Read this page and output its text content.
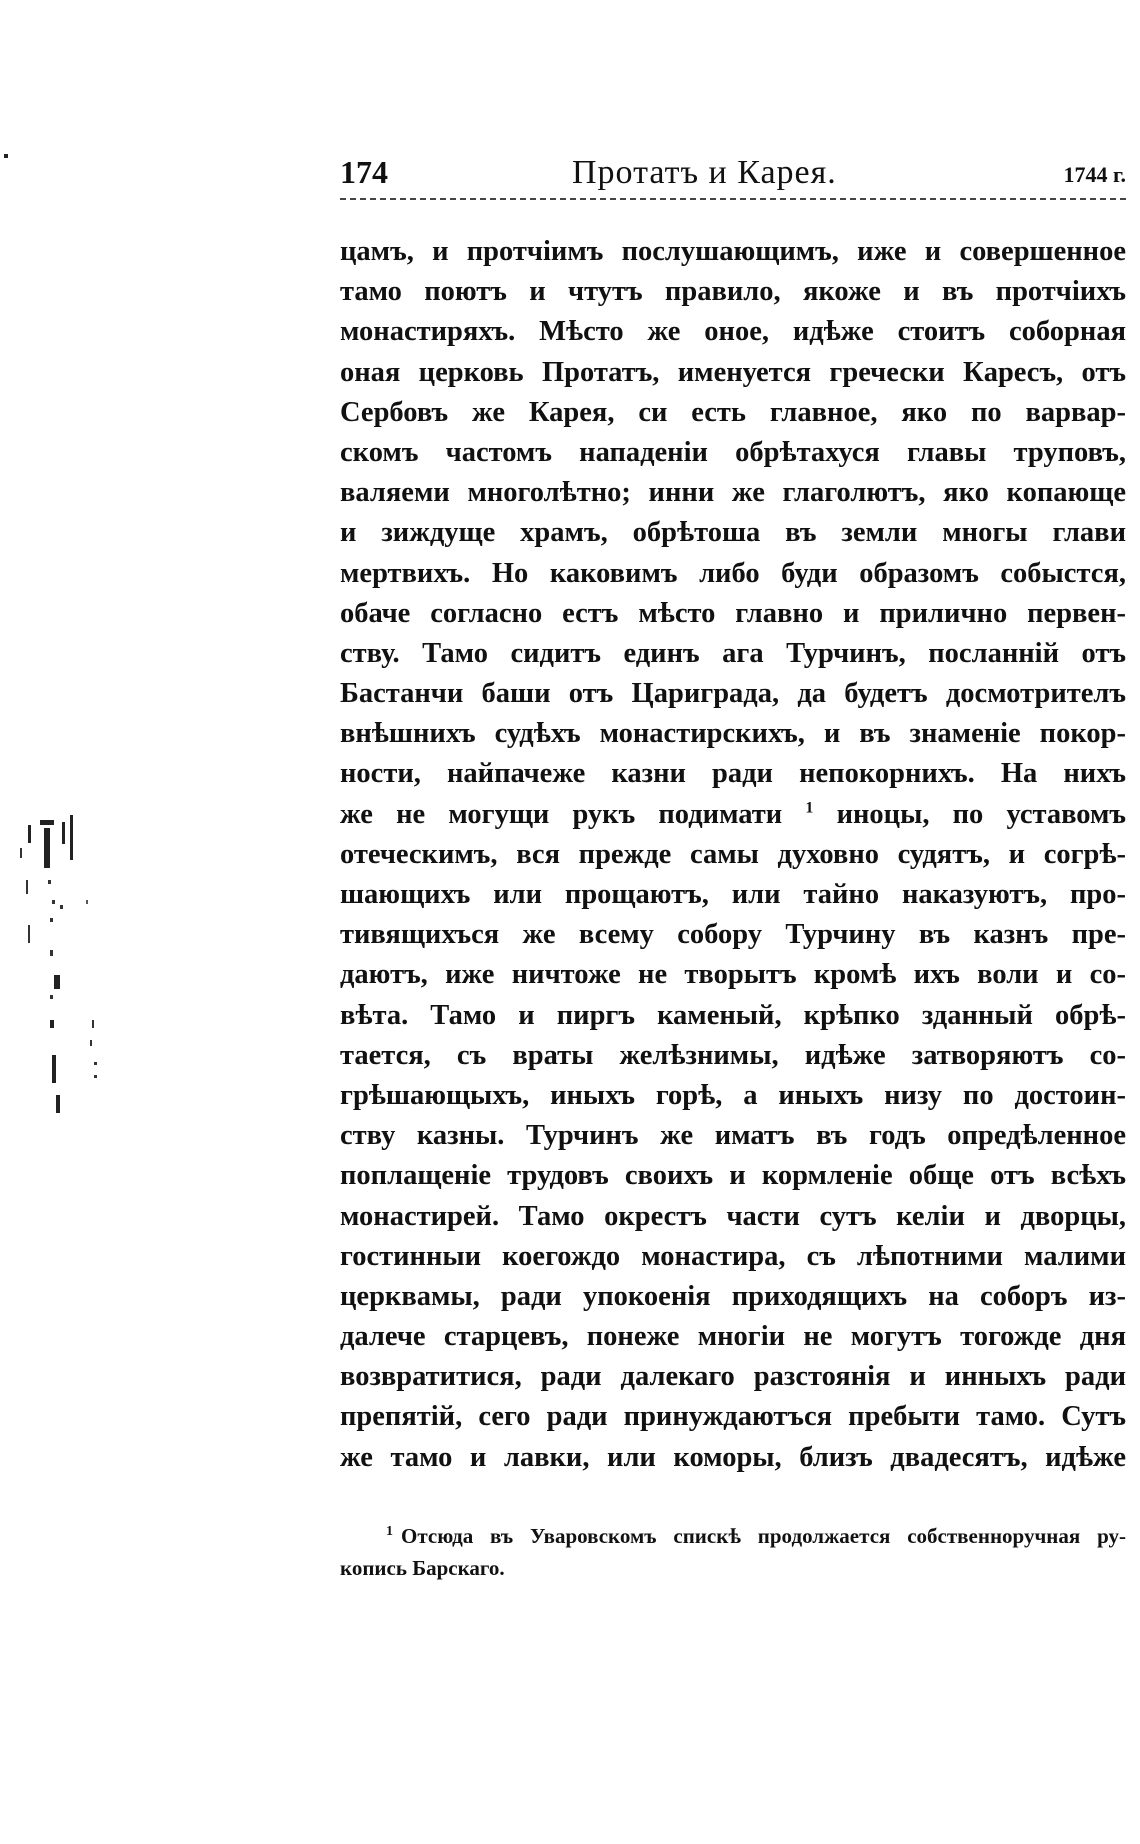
174	Протатъ и Карея.	1744 г.
цамъ, и протчiимъ послушающимъ, иже и совершенное
тамо поютъ и чтутъ правило, якоже и въ протчiихъ
монастиряхъ. Мѣсто же оное, идѣже стоитъ соборная
оная церковь Протатъ, именуется гречески Кaресъ, отъ
Сербовъ же Карея, си есть главное, яко по варвар-
скомъ частомъ нападенiи обрѣтахуся главы труповъ,
валяеми многолѣтно; инни же глаголютъ, яко копающе
и зиждуще храмъ, обрѣтоша въ земли многы глави
мертвихъ. Но каковимъ либо буди образомъ собыстся,
обаче согласно естъ мѣсто главно и прилично первен-
ству. Тамо сидитъ единъ ага Турчинъ, посланнiй отъ
Бастанчи баши отъ Цариграда, да будетъ досмотрителъ
внѣшнихъ судѣхъ монастирскихъ, и въ знаменiе покор-
ности, найпачеже казни ради непокорнихъ. На нихъ
же не могущи рукъ подимати $^1$ иноцы, по уставомъ
отеческимъ, вся прежде самы духовно судятъ, и согрѣ-
шающихъ или прощаютъ, или тайно наказуютъ, про-
тивящихъся же всему собору Турчину въ казнъ пре-
даютъ, иже ничтоже не творытъ кромѣ ихъ воли и со-
вѣта. Тамо и пиргъ каменый, крѣпко зданный обрѣ-
тается, съ враты желѣзнимы, идѣже затворяютъ со-
грѣшающыхъ, иныхъ горѣ, а иныхъ низу по достоин-
ству казны. Турчинъ же иматъ въ годъ опредѣленное
поплащенiе трудовъ своихъ и кормленiе обще отъ всѣхъ
монастирей. Тамо окрестъ части сутъ келiи и дворцы,
гостинныи коегождо монастира, съ лѣпотними малими
церквамы, ради упокоенiя приходящихъ на соборъ из-
далече старцевъ, понеже многiи не могутъ тогожде дня
возвратитися, ради далекаго разстоянiя и инныхъ ради
препятiй, сего ради принуждаютъся пребыти тамо. Сутъ
же тамо и лавки, или коморы, близъ двадесятъ, идѣже
$^1$ Отсюда въ Уваровскомъ спискѣ продолжается собственноручная ру-
копись Барскаго.
